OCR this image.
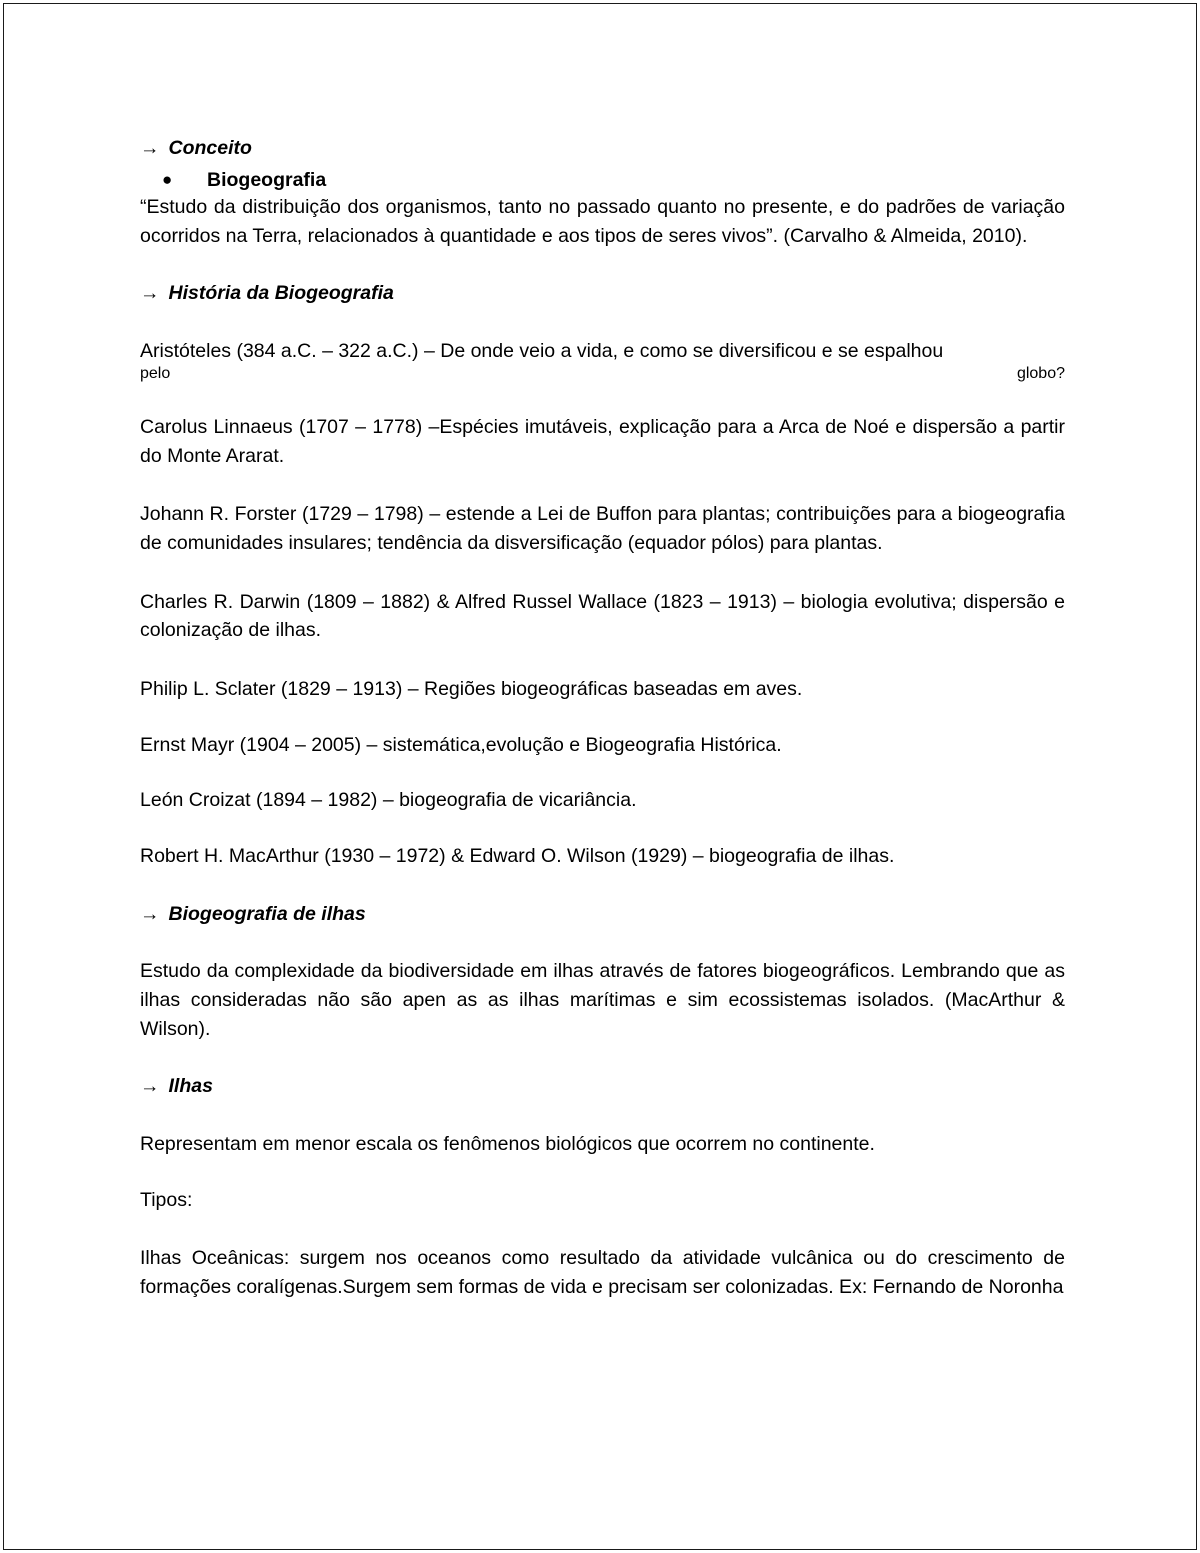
→ Conceito
● Biogeografia

“Estudo da distribuição dos organismos, tanto no passado quanto no presente, e do padrões de variação ocorridos na Terra, relacionados à quantidade e aos tipos de seres vivos”. (Carvalho & Almeida, 2010).

→ História da Biogeografia

Aristóteles (384 a.C. – 322 a.C.) – De onde veio a vida, e como se diversificou e se espalhou

pelo	globo?

Carolus Linnaeus (1707 – 1778) –Espécies imutáveis, explicação para a Arca de Noé e dispersão a partir do Monte Ararat.

Johann R. Forster (1729 – 1798) – estende a Lei de Buffon para plantas; contribuições para a biogeografia de comunidades insulares; tendência da disversificação (equador pólos) para plantas.

Charles R. Darwin (1809 – 1882) & Alfred Russel Wallace (1823 – 1913) – biologia evolutiva; dispersão e colonização de ilhas.

Philip L. Sclater (1829 – 1913) – Regiões biogeográficas baseadas em aves.

Ernst Mayr (1904 – 2005) – sistemática,evolução e Biogeografia Histórica.

León Croizat (1894 – 1982) – biogeografia de vicariância.

Robert H. MacArthur (1930 – 1972) & Edward O. Wilson (1929) – biogeografia de ilhas.

→ Biogeografia de ilhas

Estudo da complexidade da biodiversidade em ilhas através de fatores biogeográficos. Lembrando que as ilhas consideradas não são apen as as ilhas marítimas e sim ecossistemas isolados. (MacArthur & Wilson).

→ Ilhas

Representam em menor escala os fenômenos biológicos que ocorrem no continente.

Tipos:

Ilhas Oceânicas: surgem nos oceanos como resultado da atividade vulcânica ou do crescimento de formações coralígenas.Surgem sem formas de vida e precisam ser colonizadas. Ex: Fernando de Noronha
